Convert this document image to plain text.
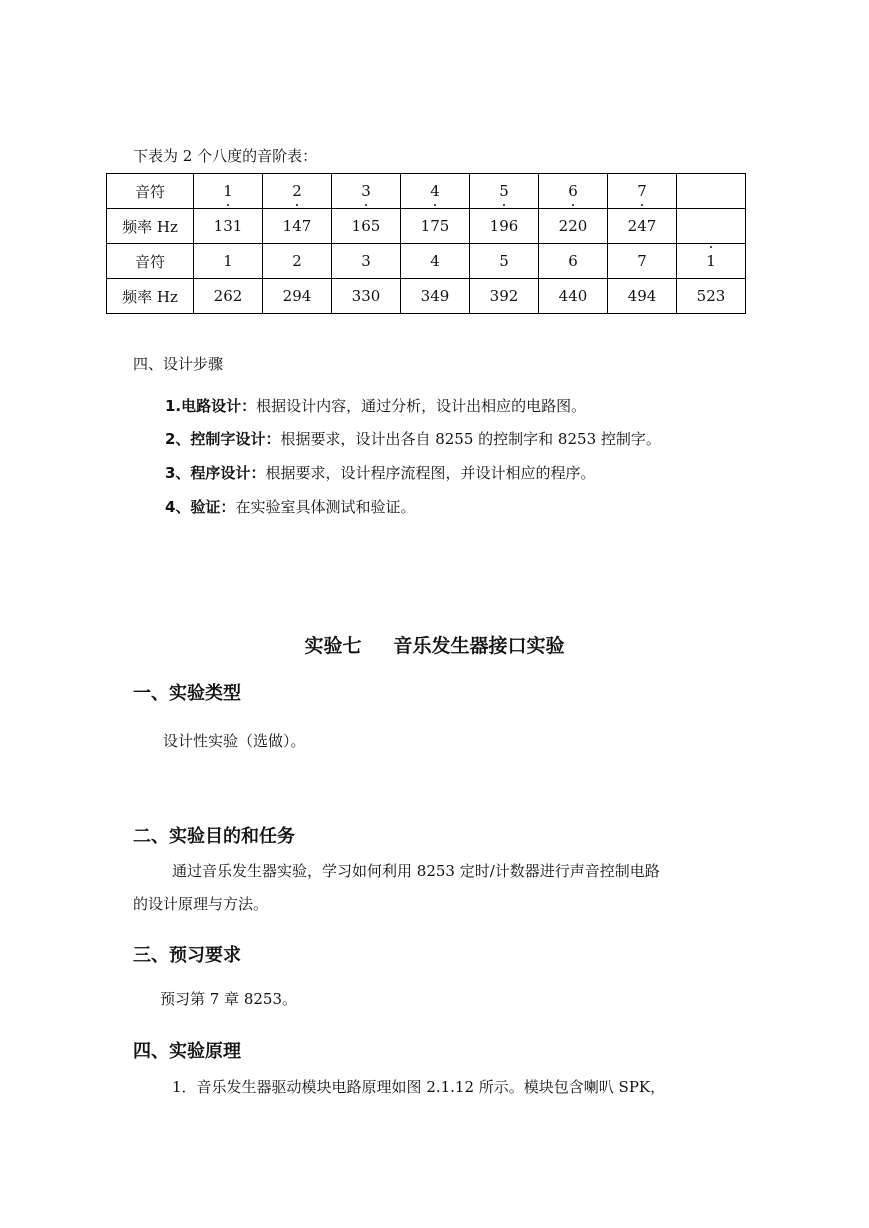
下表为 2 个八度的音阶表：
音符	1 ·	2 ·	3 ·	4 ·	5 ·	6 ·	7 ·	
频率 Hz	131	147	165	175	196	220	247	
音符	1	2	3	4	5	6	7	1 ·
频率 Hz	262	294	330	349	392	440	494	523
四、设计步骤
1.电路设计：根据设计内容，通过分析，设计出相应的电路图。
2、控制字设计：根据要求，设计出各自 8255 的控制字和 8253 控制字。
3、程序设计：根据要求，设计程序流程图，并设计相应的程序。
4、验证：在实验室具体测试和验证。
实验七 音乐发生器接口实验
一、实验类型
设计性实验（选做）。
二、实验目的和任务
通过音乐发生器实验，学习如何利用 8253 定时/计数器进行声音控制电路
的设计原理与方法。
三、预习要求
预习第 7 章 8253。
四、实验原理
1．音乐发生器驱动模块电路原理如图 2.1.12 所示。模块包含喇叭 SPK，
